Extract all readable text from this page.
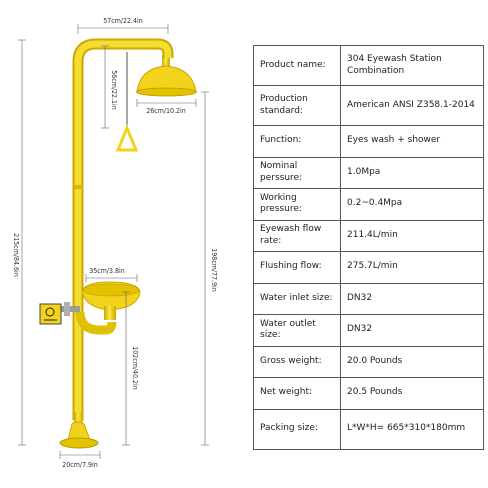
57cm/22.4in
56cm/22.1in
26cm/10.2in
215cm/84.6in	198cm/77.9in
35cm/3.8in
102cm/40.2in
20cm/7.9in
Product name:	304 Eyewash Station Combination
Production standard:	American ANSI Z358.1-2014
Function:	Eyes wash + shower
Nominal perssure:	1.0Mpa
Working pressure:	0.2~0.4Mpa
Eyewash flow rate:	211.4L/min
Flushing flow:	275.7L/min
Water inlet size:	DN32
Water outlet size:	DN32
Gross weight:	20.0 Pounds
Net weight:	20.5 Pounds
Packing size:	L*W*H= 665*310*180mm
